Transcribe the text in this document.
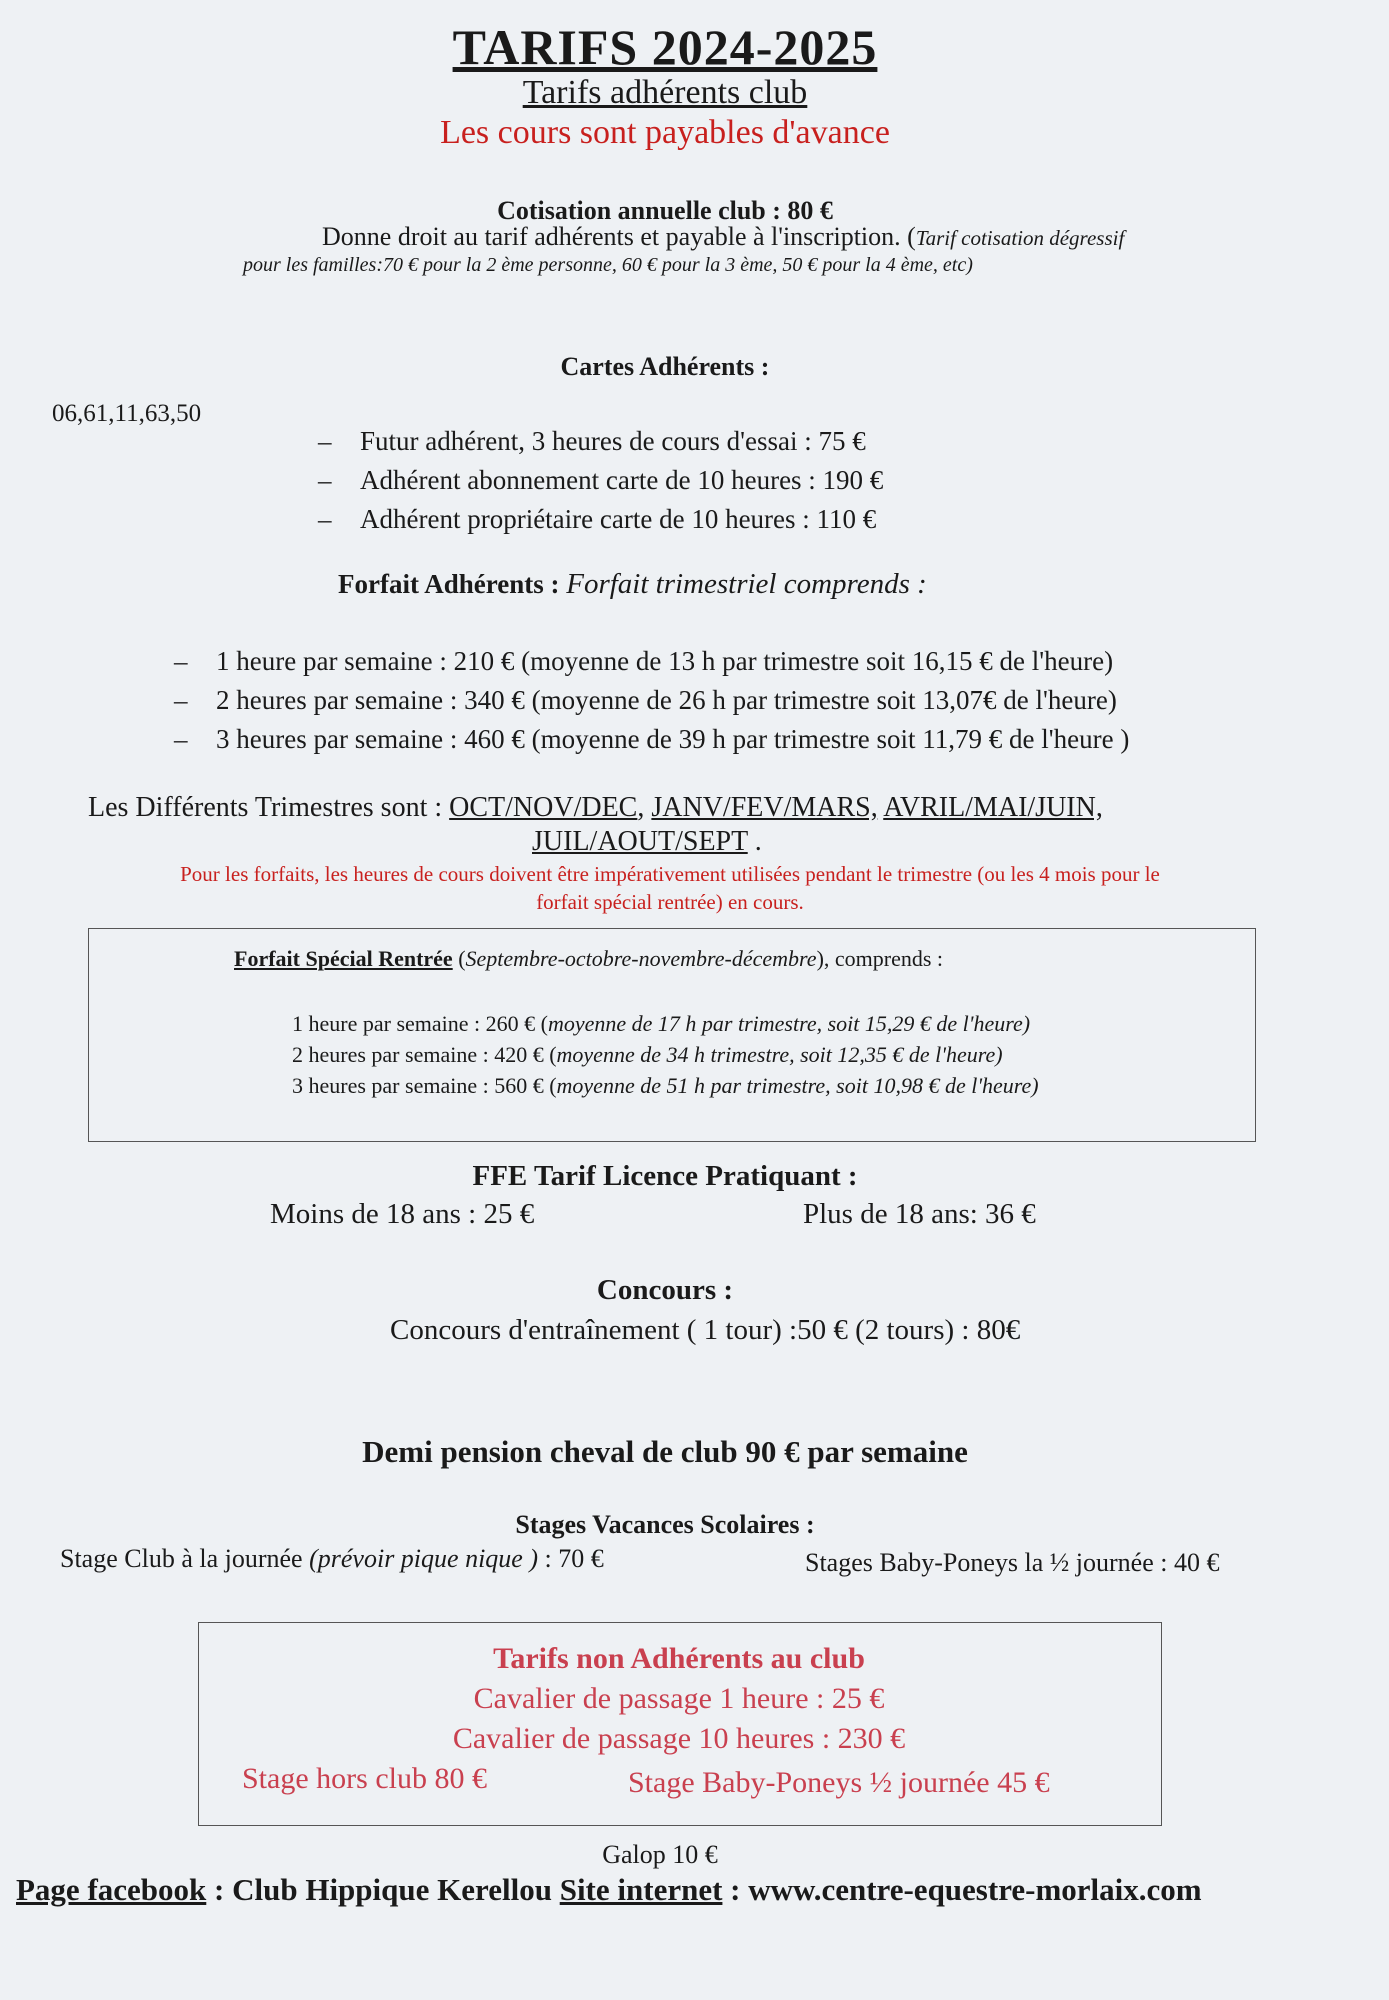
TARIFS 2024-2025
Tarifs adhérents club
Les cours sont payables d'avance
Cotisation annuelle club : 80 €
Donne droit au tarif adhérents et payable à l'inscription. (Tarif cotisation dégressif
pour les familles:70 € pour la 2 ème personne, 60 € pour la 3 ème, 50 € pour la 4 ème, etc)
06,61,11,63,50
Cartes Adhérents :
– Futur adhérent, 3 heures de cours d'essai : 75 €
– Adhérent abonnement carte de 10 heures : 190 €
– Adhérent propriétaire carte de 10 heures : 110 €
Forfait Adhérents : Forfait trimestriel comprends :
– 1 heure par semaine : 210 € (moyenne de 13 h par trimestre soit 16,15 € de l'heure)
– 2 heures par semaine : 340 € (moyenne de 26 h par trimestre soit 13,07€ de l'heure)
– 3 heures par semaine : 460 € (moyenne de 39 h par trimestre soit 11,79 € de l'heure )
Les Différents Trimestres sont : OCT/NOV/DEC, JANV/FEV/MARS, AVRIL/MAI/JUIN,
JUIL/AOUT/SEPT .
Pour les forfaits, les heures de cours doivent être impérativement utilisées pendant le trimestre (ou les 4 mois pour le
forfait spécial rentrée) en cours.
Forfait Spécial Rentrée (Septembre-octobre-novembre-décembre), comprends :
1 heure par semaine : 260 € (moyenne de 17 h par trimestre, soit 15,29 € de l'heure)
2 heures par semaine : 420 € (moyenne de 34 h trimestre, soit 12,35 € de l'heure)
3 heures par semaine : 560 € (moyenne de 51 h par trimestre, soit 10,98 € de l'heure)
FFE Tarif Licence Pratiquant :
Moins de 18 ans : 25 €	Plus de 18 ans: 36 €
Concours :
Concours d'entraînement ( 1 tour) :50 € (2 tours) : 80€
Demi pension cheval de club 90 € par semaine
Stages Vacances Scolaires :
Stage Club à la journée (prévoir pique nique ) : 70 €	Stages Baby-Poneys la ½ journée : 40 €
Tarifs non Adhérents au club
Cavalier de passage 1 heure : 25 €
Cavalier de passage 10 heures : 230 €
Stage hors club 80 €	Stage Baby-Poneys ½ journée 45 €
Galop 10 €
Page facebook : Club Hippique Kerellou Site internet : www.centre-equestre-morlaix.com
